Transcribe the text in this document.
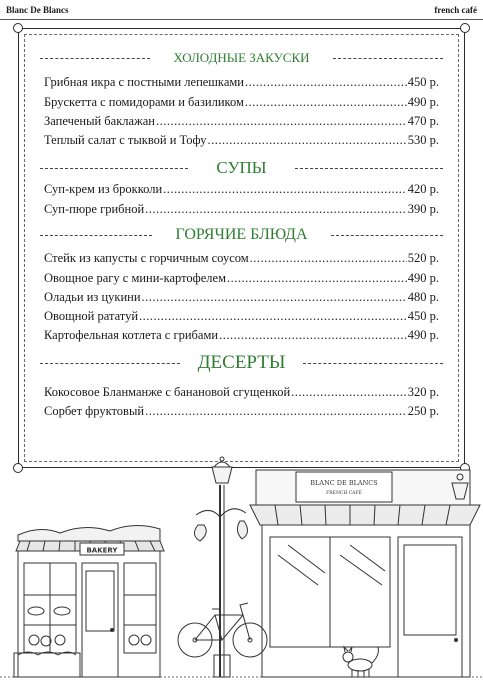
Blanc De Blancs	french café
ХОЛОДНЫЕ ЗАКУСКИ
Грибная икра с постными лепешками .....	450 р.
Брускетта с помидорами и базиликом .....	490 р.
Запеченый баклажан .....	470 р.
Теплый салат с тыквой и Тофу .....	530 р.
СУПЫ
Суп-крем из брокколи .....	420 р.
Суп-пюре грибной .....	390 р.
ГОРЯЧИЕ БЛЮДА
Стейк из капусты с горчичным соусом .....	520 р.
Овощное рагу с мини-картофелем .....	490 р.
Оладьи из цукини .....	480 р.
Овощной рататуй .....	450 р.
Картофельная котлета с грибами .....	490 р.
ДЕСЕРТЫ
Кокосовое Бланманже с банановой сгущенкой .....	320 р.
Сорбет фруктовый .....	250 р.
BAKERY
BLANC DE BLANCS
FRENCH CAFÉ
